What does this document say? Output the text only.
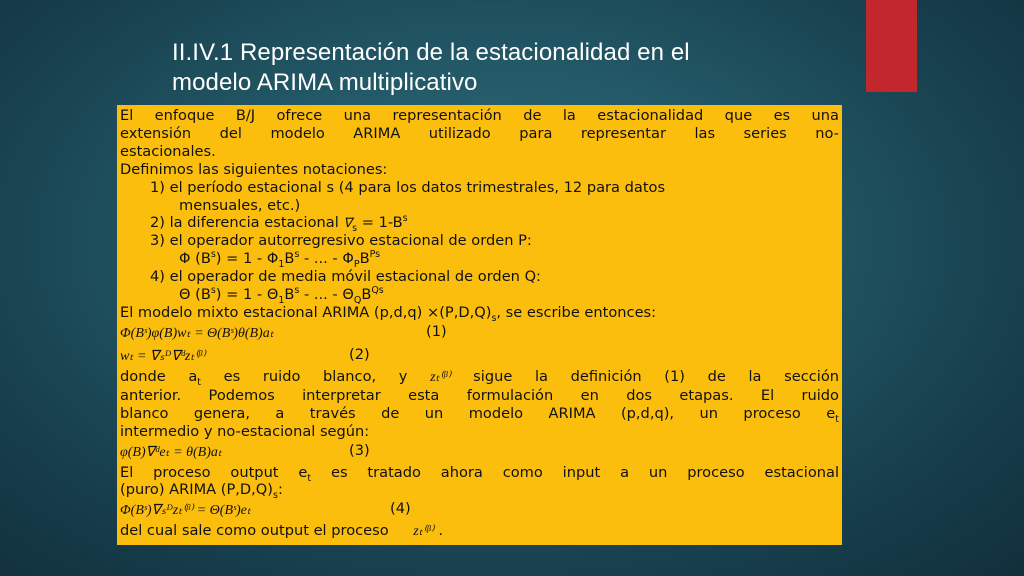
II.IV.1 Representación de la estacionalidad en el
modelo ARIMA multiplicativo
El enfoque B/J ofrece una representación de la estacionalidad que es una
extensión del modelo ARIMA utilizado para representar las series no-
estacionales.
Definimos las siguientes notaciones:
1) el período estacional s (4 para los datos trimestrales, 12 para datos
mensuales, etc.)
2) la diferencia estacional $\nabla_s = 1-B^s$
3) el operador autorregresivo estacional de orden P:
Φ $(B^s) = 1 - \Phi_1B^s$ - ... - $\Phi_PB^{Ps}$
4) el operador de media móvil estacional de orden Q:
Θ $(B^s) = 1 - \Theta_1B^s$ - ... - $\Theta_QB^{Qs}$
El modelo mixto estacional ARIMA $(p,d,q) \times(P,D,Q)_s$, se escribe entonces:
Φ(Bˢ)φ(B)wₜ = Θ(Bˢ)θ(B)aₜ	(1)
wₜ = ∇ₛᴰ∇ᵈzₜ⁽ᵝ⁾	(2)
donde $a_t$ es ruido blanco, y zₜ⁽ᵝ⁾ sigue la definición (1) de la sección
anterior. Podemos interpretar esta formulación en dos etapas. El ruido
blanco genera, a través de un modelo ARIMA (p,d,q), un proceso $e_t$
intermedio y no-estacional según:
φ(B)∇ᵈeₜ = θ(B)aₜ	(3)
El proceso output $e_t$ es tratado ahora como input a un proceso estacional
(puro) ARIMA $(P,D,Q)_s$:
Φ(Bˢ)∇ₛᴰzₜ⁽ᵝ⁾ = Θ(Bˢ)eₜ	(4)
del cual sale como output el proceso zₜ⁽ᵝ⁾ .
